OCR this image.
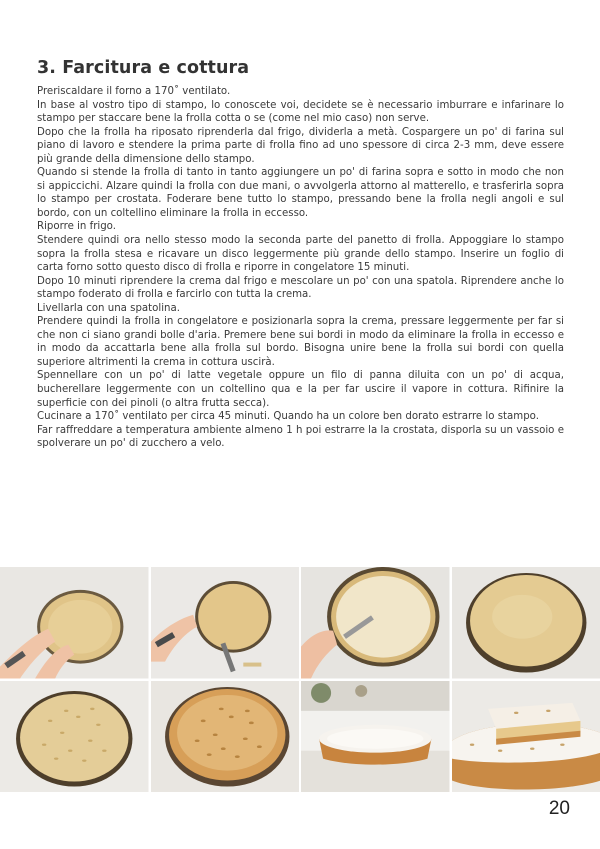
3. Farcitura e cottura

Preriscaldare il forno a 170˚ ventilato.

In base al vostro tipo di stampo, lo conoscete voi, decidete se è necessario imburrare e infarinare lo stampo per staccare bene la frolla cotta o se (come nel mio caso) non serve.

Dopo che la frolla ha riposato riprenderla dal frigo, dividerla a metà. Cospargere un po' di farina sul piano di lavoro e stendere la prima parte di frolla fino ad uno spessore di circa 2-3 mm, deve essere più grande della dimensione dello stampo.

Quando si stende la frolla di tanto in tanto aggiungere un po' di farina sopra e sotto in modo che non si appiccichi. Alzare quindi la frolla con due mani, o avvolgerla attorno al matterello, e trasferirla sopra lo stampo per crostata. Foderare bene tutto lo stampo, pressando bene la frolla negli angoli e sul bordo, con un coltellino eliminare la frolla in eccesso.

Riporre in frigo.

Stendere quindi ora nello stesso modo la seconda parte del panetto di frolla. Appoggiare lo stampo sopra la frolla stesa e ricavare un disco leggermente più grande dello stampo. Inserire un foglio di carta forno sotto questo disco di frolla e riporre in congelatore 15 minuti.

Dopo 10 minuti riprendere la crema dal frigo e mescolare un po' con una spatola. Riprendere anche lo stampo foderato di frolla e farcirlo con tutta la crema.

Livellarla con una spatolina.

Prendere quindi la frolla in congelatore e posizionarla sopra la crema, pressare leggermente per far si che non ci siano grandi bolle d'aria. Premere bene sui bordi in modo da eliminare la frolla in eccesso e in modo da accattarla bene alla frolla sul bordo. Bisogna unire bene la frolla sui bordi con quella superiore altrimenti la crema in cottura uscirà.

Spennellare con un po' di latte vegetale oppure un filo di panna diluita con un po' di acqua, bucherellare leggermente con un coltellino qua e la per far uscire il vapore in cottura. Rifinire la superficie con dei pinoli (o altra frutta secca).

Cucinare a 170˚ ventilato per circa 45 minuti. Quando ha un colore ben dorato estrarre lo stampo.

Far raffreddare a temperatura ambiente almeno 1 h poi estrarre la la crostata, disporla su un vassoio e spolverare un po' di zucchero a velo.

20
